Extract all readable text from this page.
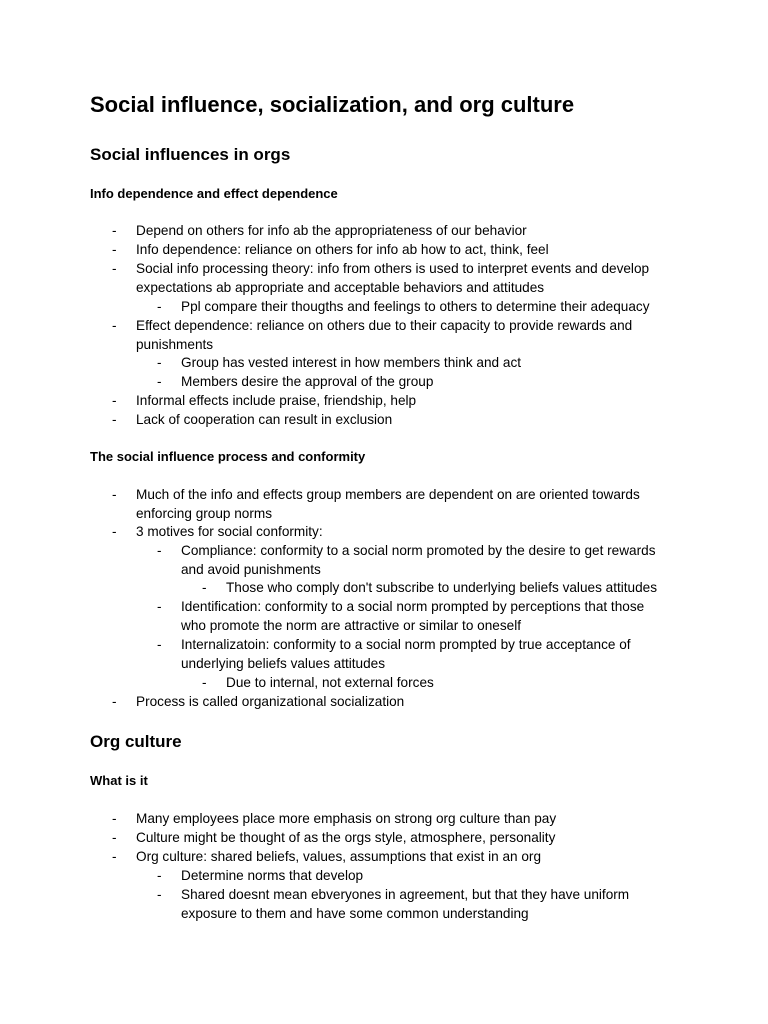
Social influence, socialization, and org culture
Social influences in orgs
Info dependence and effect dependence
- Depend on others for info ab the appropriateness of our behavior
- Info dependence: reliance on others for info ab how to act, think, feel
- Social info processing theory: info from others is used to interpret events and develop expectations ab appropriate and acceptable behaviors and attitudes
- Ppl compare their thougths and feelings to others to determine their adequacy
- Effect dependence: reliance on others due to their capacity to provide rewards and punishments
- Group has vested interest in how members think and act
- Members desire the approval of the group
- Informal effects include praise, friendship, help
- Lack of cooperation can result in exclusion
The social influence process and conformity
- Much of the info and effects group members are dependent on are oriented towards enforcing group norms
- 3 motives for social conformity:
- Compliance: conformity to a social norm promoted by the desire to get rewards and avoid punishments
- Those who comply don't subscribe to underlying beliefs values attitudes
- Identification: conformity to a social norm prompted by perceptions that those who promote the norm are attractive or similar to oneself
- Internalizatoin: conformity to a social norm prompted by true acceptance of underlying beliefs values attitudes
- Due to internal, not external forces
- Process is called organizational socialization
Org culture
What is it
- Many employees place more emphasis on strong org culture than pay
- Culture might be thought of as the orgs style, atmosphere, personality
- Org culture: shared beliefs, values, assumptions that exist in an org
- Determine norms that develop
- Shared doesnt mean ebveryones in agreement, but that they have uniform exposure to them and have some common understanding
